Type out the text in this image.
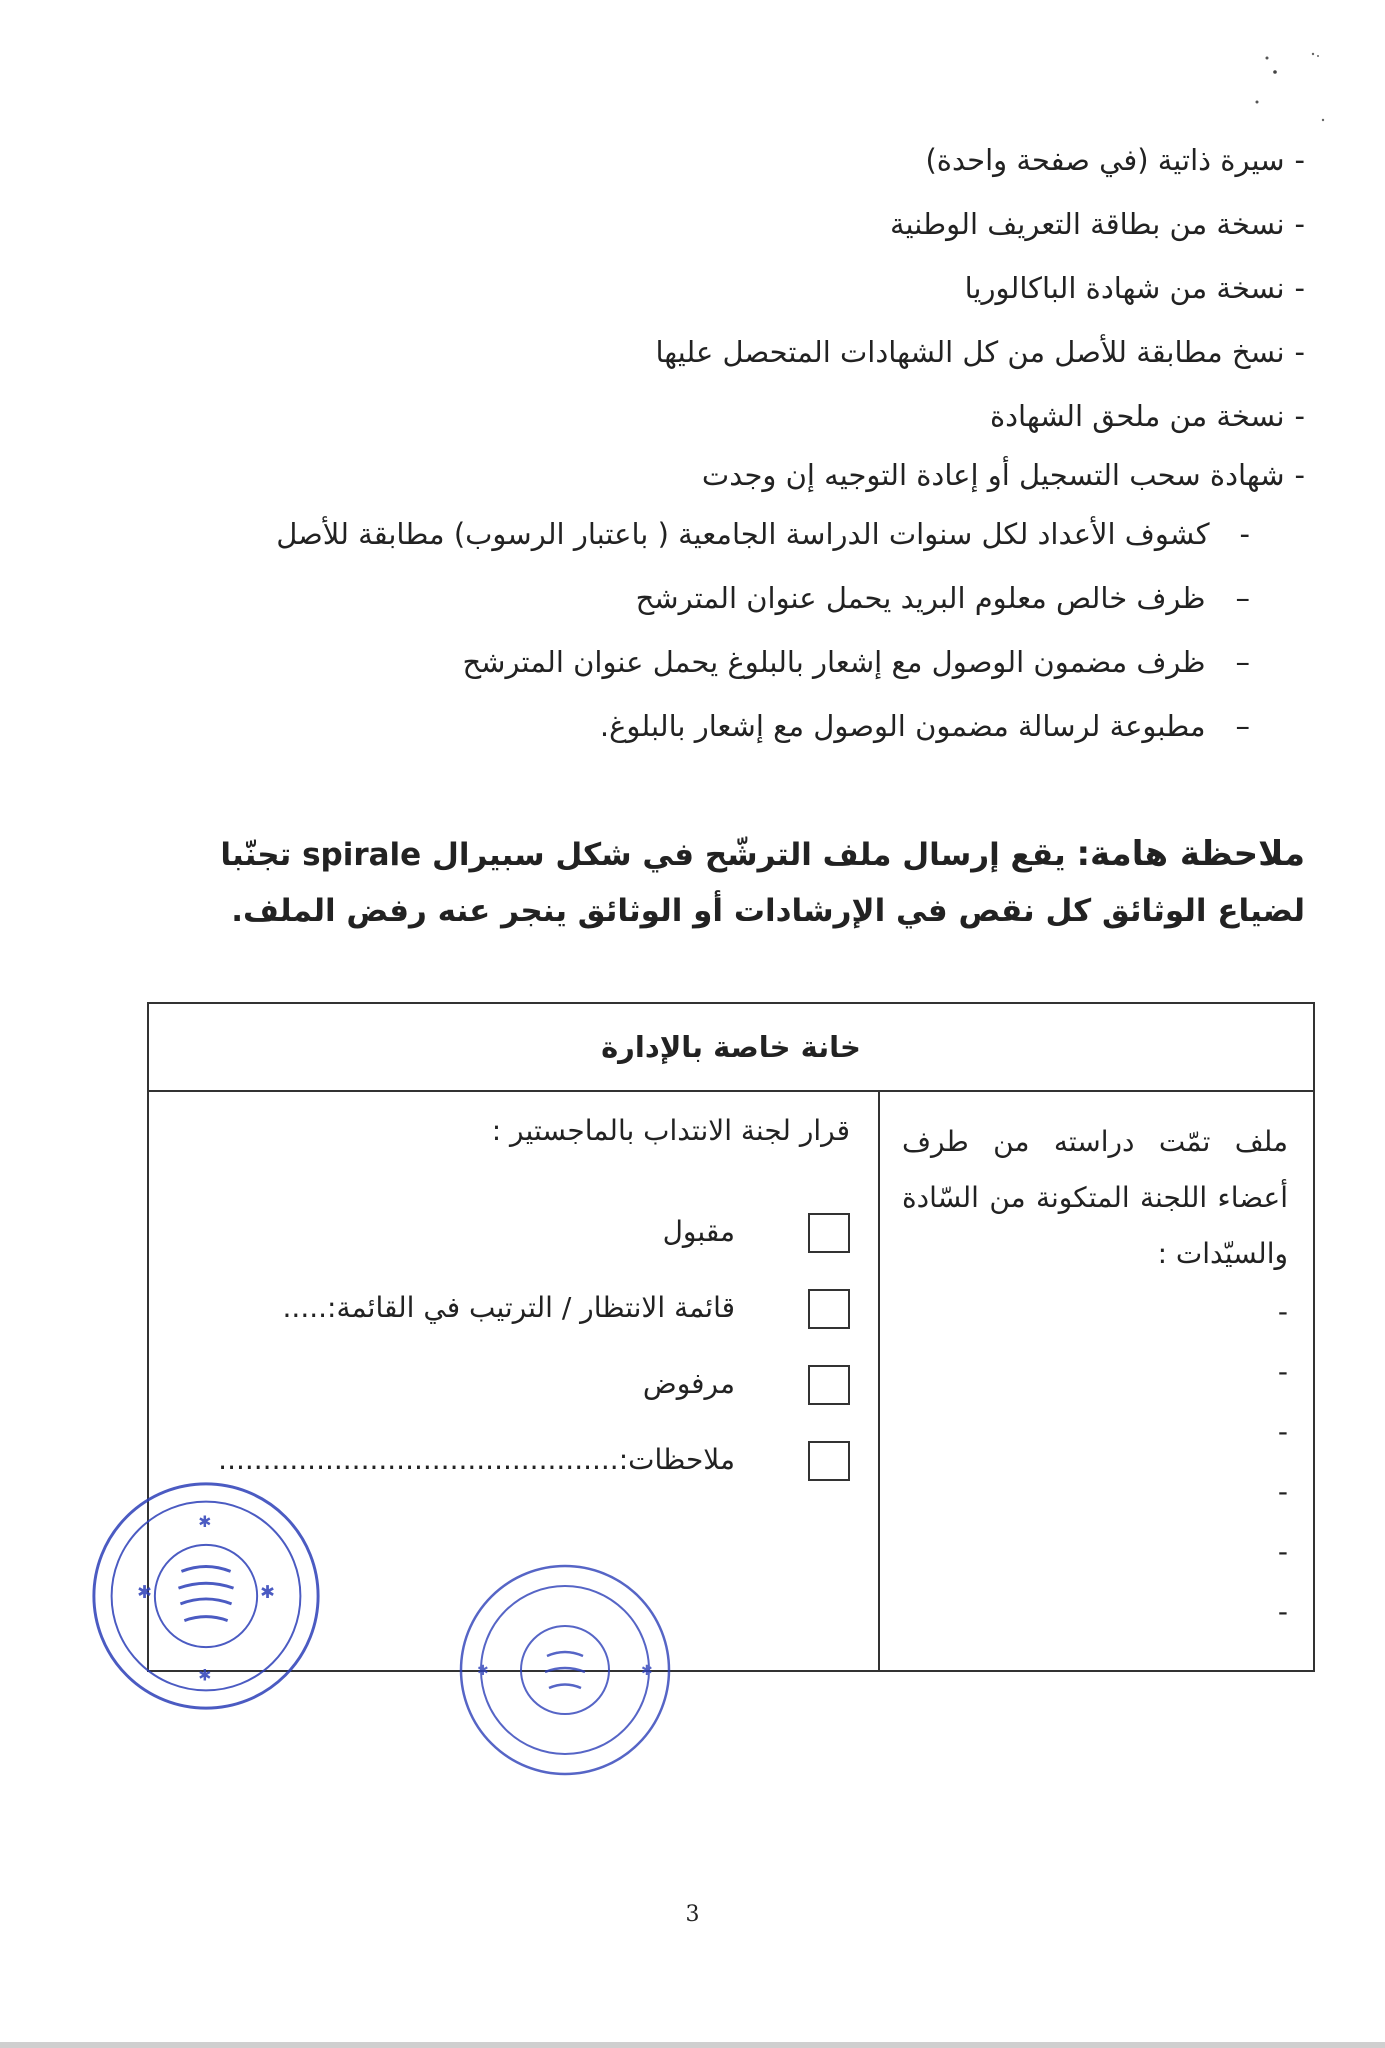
-سيرة ذاتية (في صفحة واحدة)
-نسخة من بطاقة التعريف الوطنية
-نسخة من شهادة الباكالوريا
-نسخ مطابقة للأصل من كل الشهادات المتحصل عليها
-نسخة من ملحق الشهادة
-شهادة سحب التسجيل أو إعادة التوجيه إن وجدت
-كشوف الأعداد لكل سنوات الدراسة الجامعية ( باعتبار الرسوب) مطابقة للأصل
–ظرف خالص معلوم البريد يحمل عنوان المترشح
–ظرف مضمون الوصول مع إشعار بالبلوغ يحمل عنوان المترشح
–مطبوعة لرسالة مضمون الوصول مع إشعار بالبلوغ.
ملاحظة هامة: يقع إرسال ملف الترشّح في شكل سبيرال spirale تجنّبا لضياع الوثائق كل نقص في الإرشادات أو الوثائق ينجر عنه رفض الملف.
خانة خاصة بالإدارة
ملف تمّت دراسته من طرف أعضاء اللجنة المتكونة من السّادة والسيّدات :
-
-
-
-
-
-
قرار لجنة الانتداب بالماجستير :
مقبول
قائمة الانتظار / الترتيب في القائمة:.....
مرفوض
ملاحظات:.............................................
✱	✱
✱
✱	✱	✱
3
